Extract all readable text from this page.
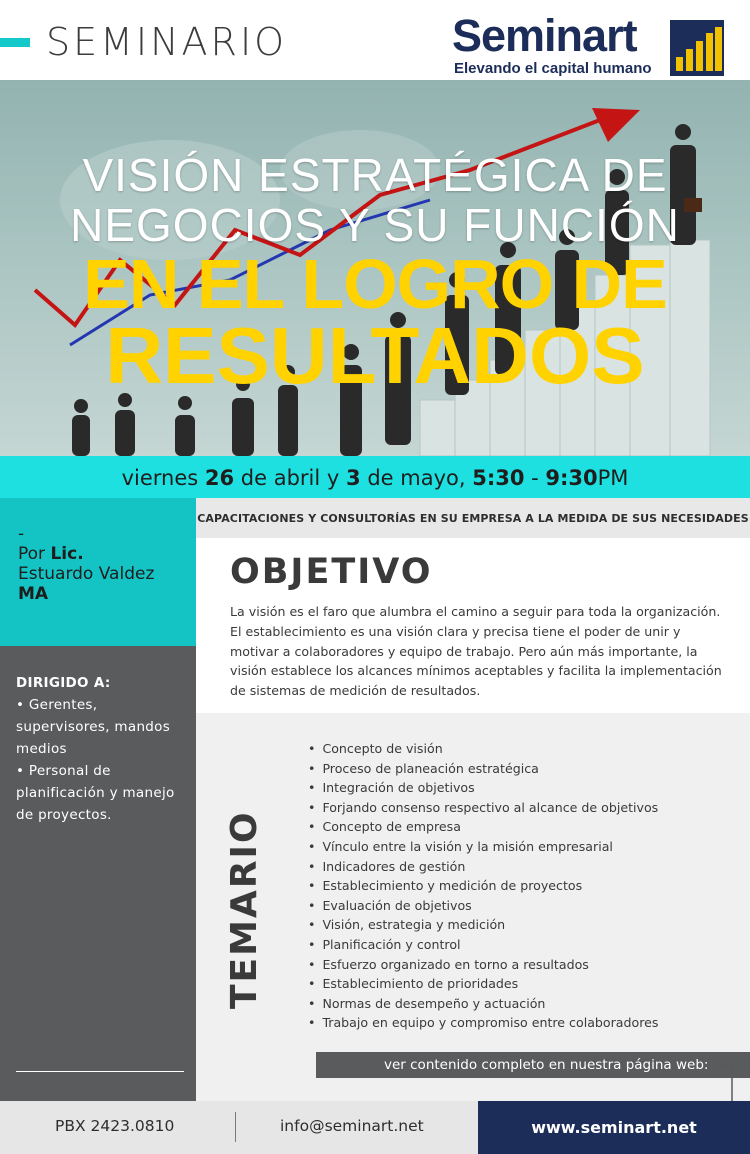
SEMINARIO	Seminart
Elevando el capital humano
VISIÓN ESTRATÉGICA DE
NEGOCIOS Y SU FUNCIÓN
EN EL LOGRO DE
RESULTADOS
viernes 26 de abril y 3 de mayo, 5:30 - 9:30PM
-
Por Lic.
Estuardo Valdez
MA
DIRIGIDO A:
• Gerentes, supervisores, mandos medios
• Personal de planificación y manejo de proyectos.
CAPACITACIONES Y CONSULTORÍAS EN SU EMPRESA A LA MEDIDA DE SUS NECESIDADES
OBJETIVO

La visión es el faro que alumbra el camino a seguir para toda la organización. El establecimiento es una visión clara y precisa tiene el poder de unir y motivar a colaboradores y equipo de trabajo. Pero aún más importante, la visión establece los alcances mínimos aceptables y facilita la implementación de sistemas de medición de resultados.

TEMARIO
• Concepto de visión
• Proceso de planeación estratégica
• Integración de objetivos
• Forjando consenso respectivo al alcance de objetivos
• Concepto de empresa
• Vínculo entre la visión y la misión empresarial
• Indicadores de gestión
• Establecimiento y medición de proyectos
• Evaluación de objetivos
• Visión, estrategia y medición
• Planificación y control
• Esfuerzo organizado en torno a resultados
• Establecimiento de prioridades
• Normas de desempeño y actuación
• Trabajo en equipo y compromiso entre colaboradores
ver contenido completo en nuestra página web:
PBX 2423.0810	info@seminart.net	www.seminart.net
